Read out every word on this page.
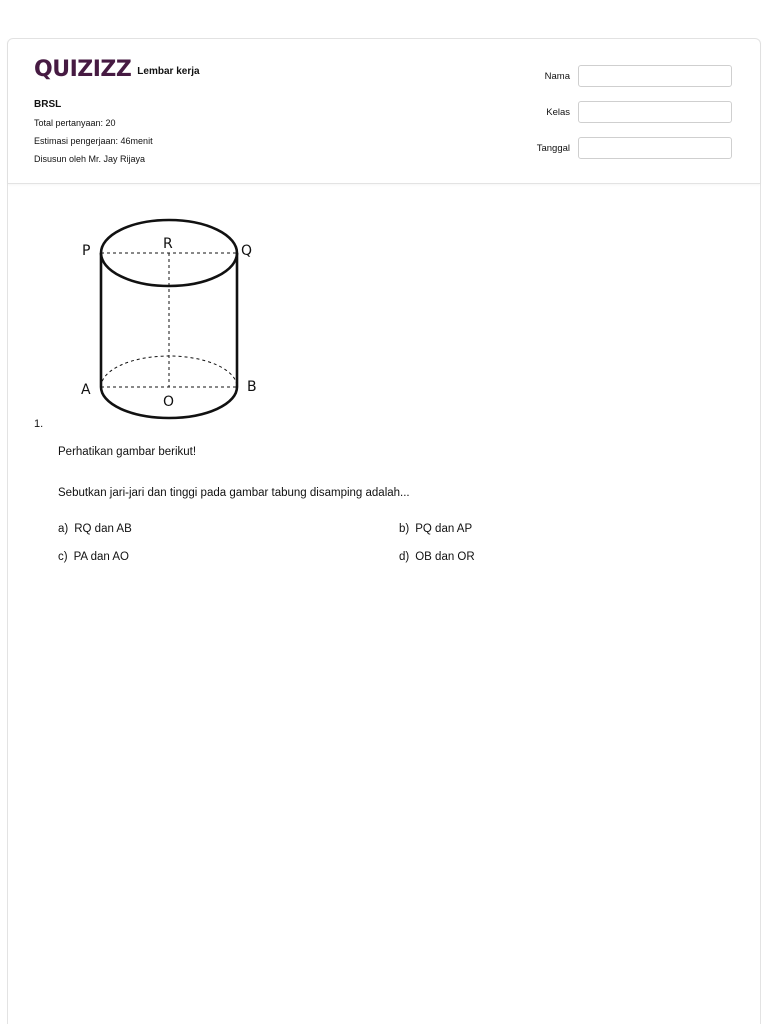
QUIZIZZ Lembar kerja
BRSL
Total pertanyaan: 20
Estimasi pengerjaan: 46menit
Disusun oleh Mr. Jay Rijaya
Nama
Kelas
Tanggal
P	R	Q
A
O
B
1.
Perhatikan gambar berikut!
Sebutkan jari-jari dan tinggi pada gambar tabung disamping adalah...
a) RQ dan AB	b) PQ dan AP
c) PA dan AO	d) OB dan OR
